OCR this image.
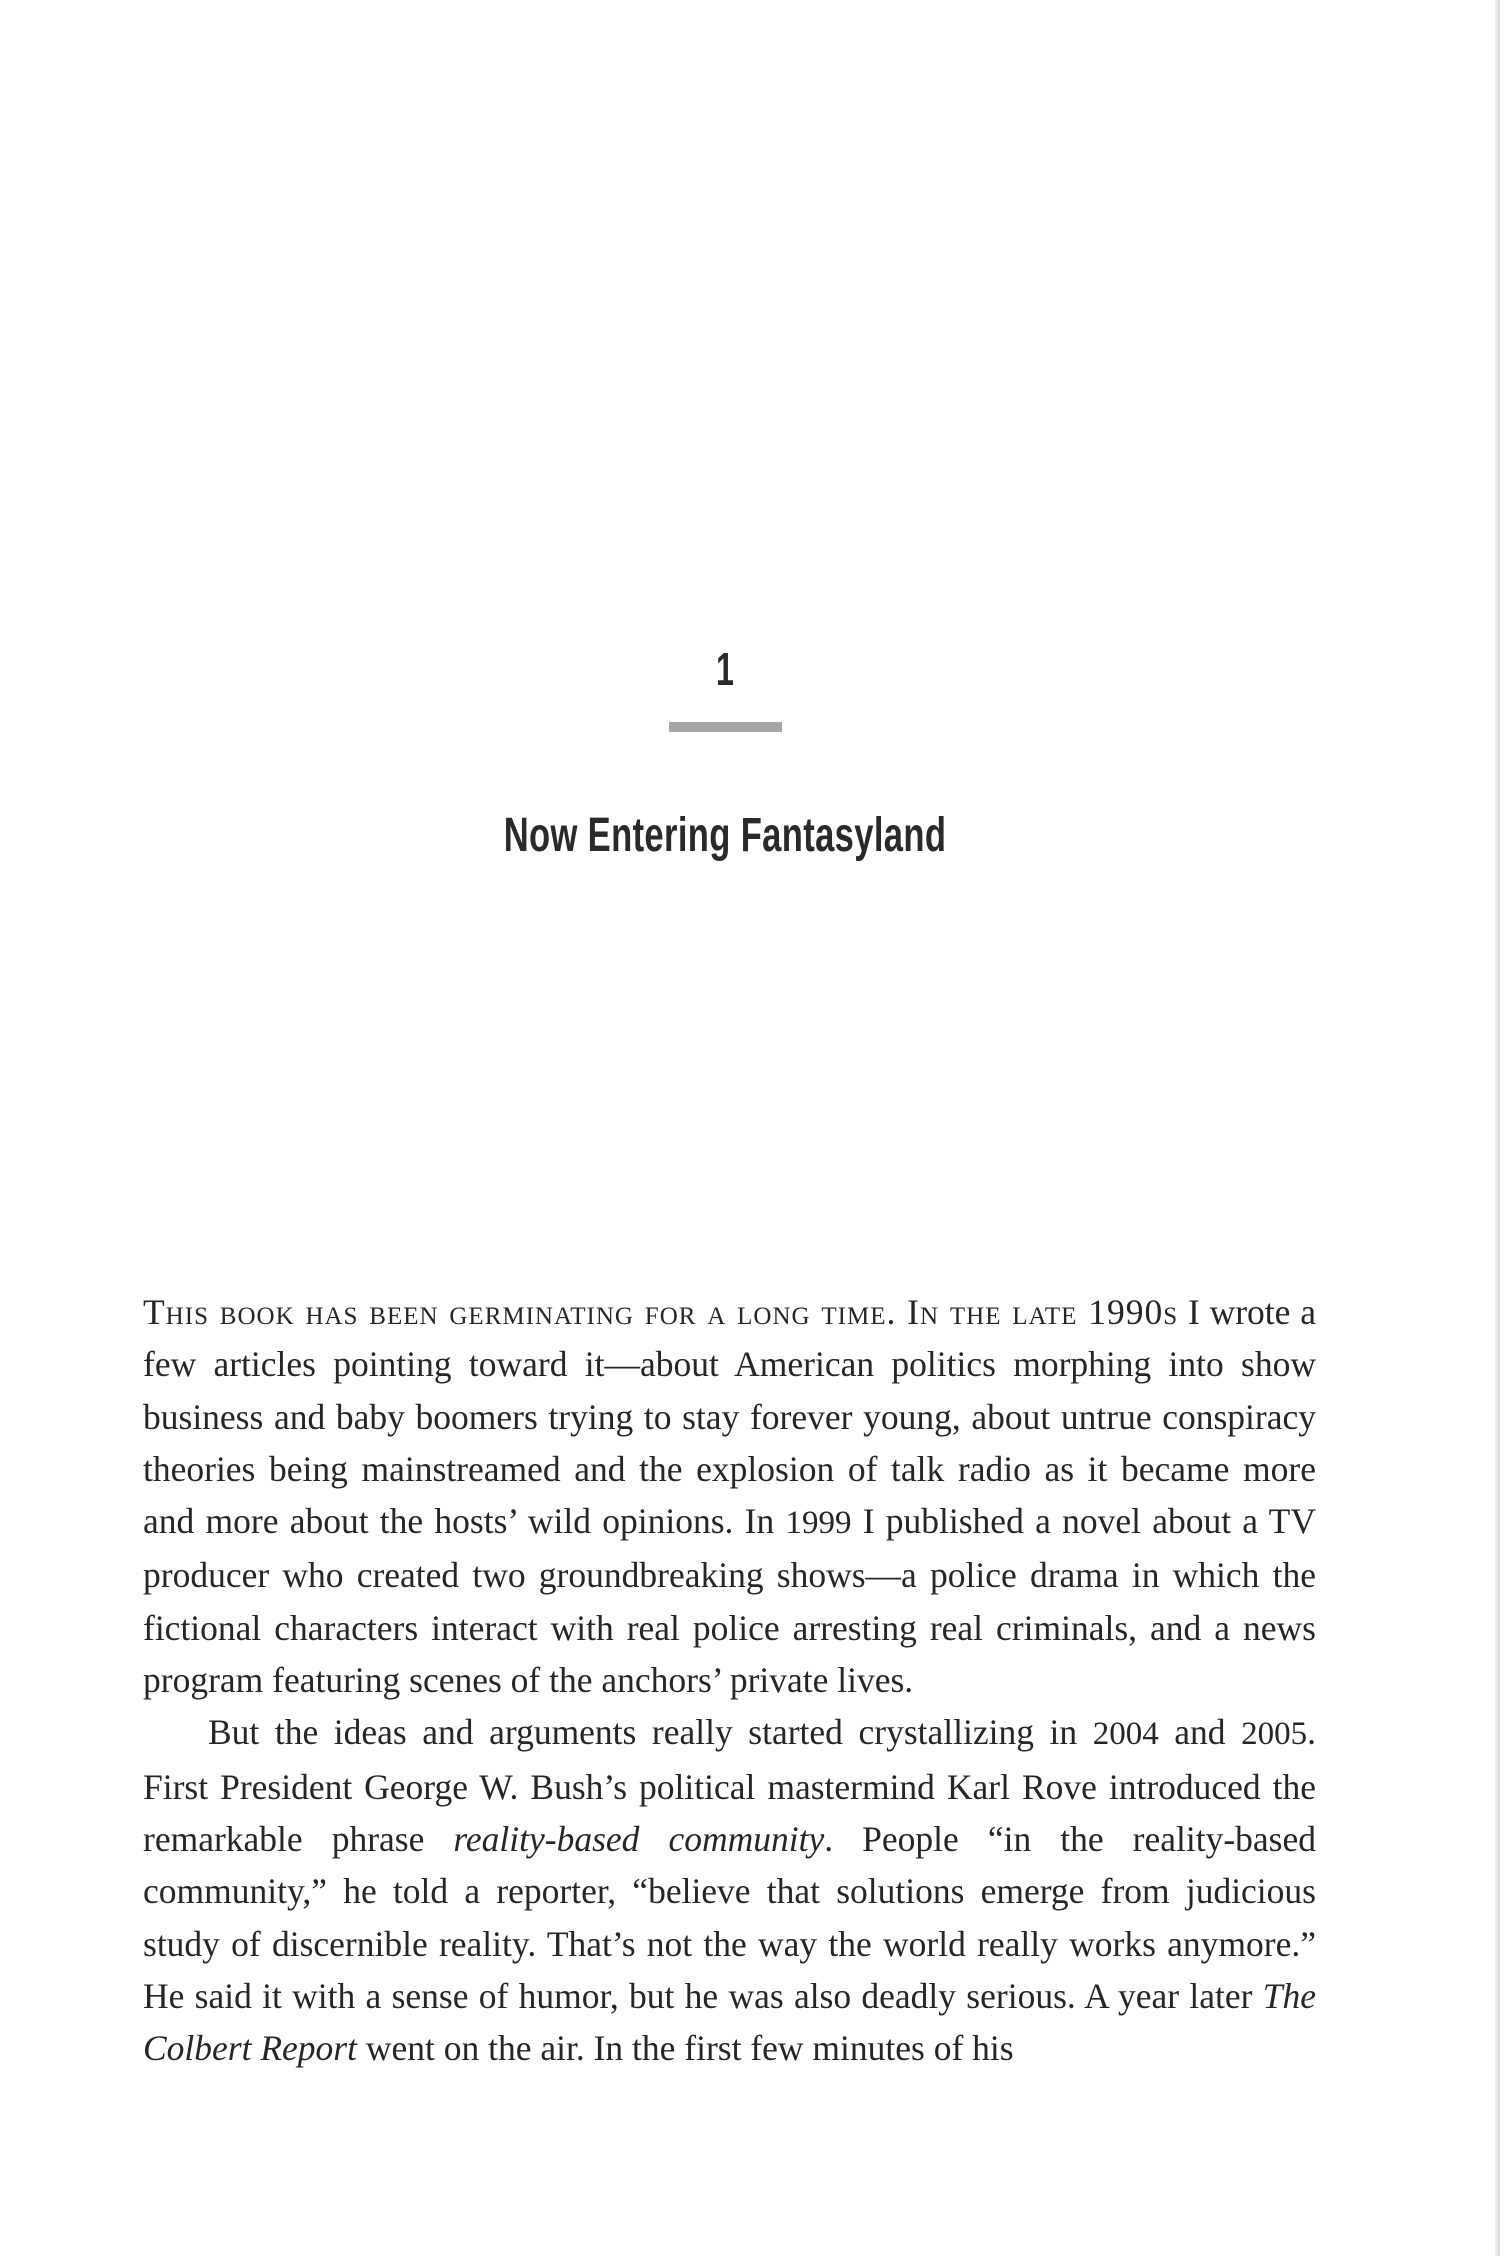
1
Now Entering Fantasyland

This book has been germinating for a long time. In the late 1990s I wrote a few articles pointing toward it—about American politics morphing into show business and baby boomers trying to stay forever young, about untrue conspiracy theories being mainstreamed and the explosion of talk radio as it became more and more about the hosts’ wild opinions. In 1999 I published a novel about a TV producer who created two groundbreaking shows—a police drama in which the fictional characters interact with real police arresting real criminals, and a news program featuring scenes of the anchors’ private lives.

But the ideas and arguments really started crystallizing in 2004 and 2005. First President George W. Bush’s political mastermind Karl Rove introduced the remarkable phrase reality-based community. People “in the reality-based community,” he told a reporter, “believe that solutions emerge from judicious study of discernible reality. That’s not the way the world really works anymore.” He said it with a sense of humor, but he was also deadly serious. A year later The Colbert Report went on the air. In the first few minutes of his
